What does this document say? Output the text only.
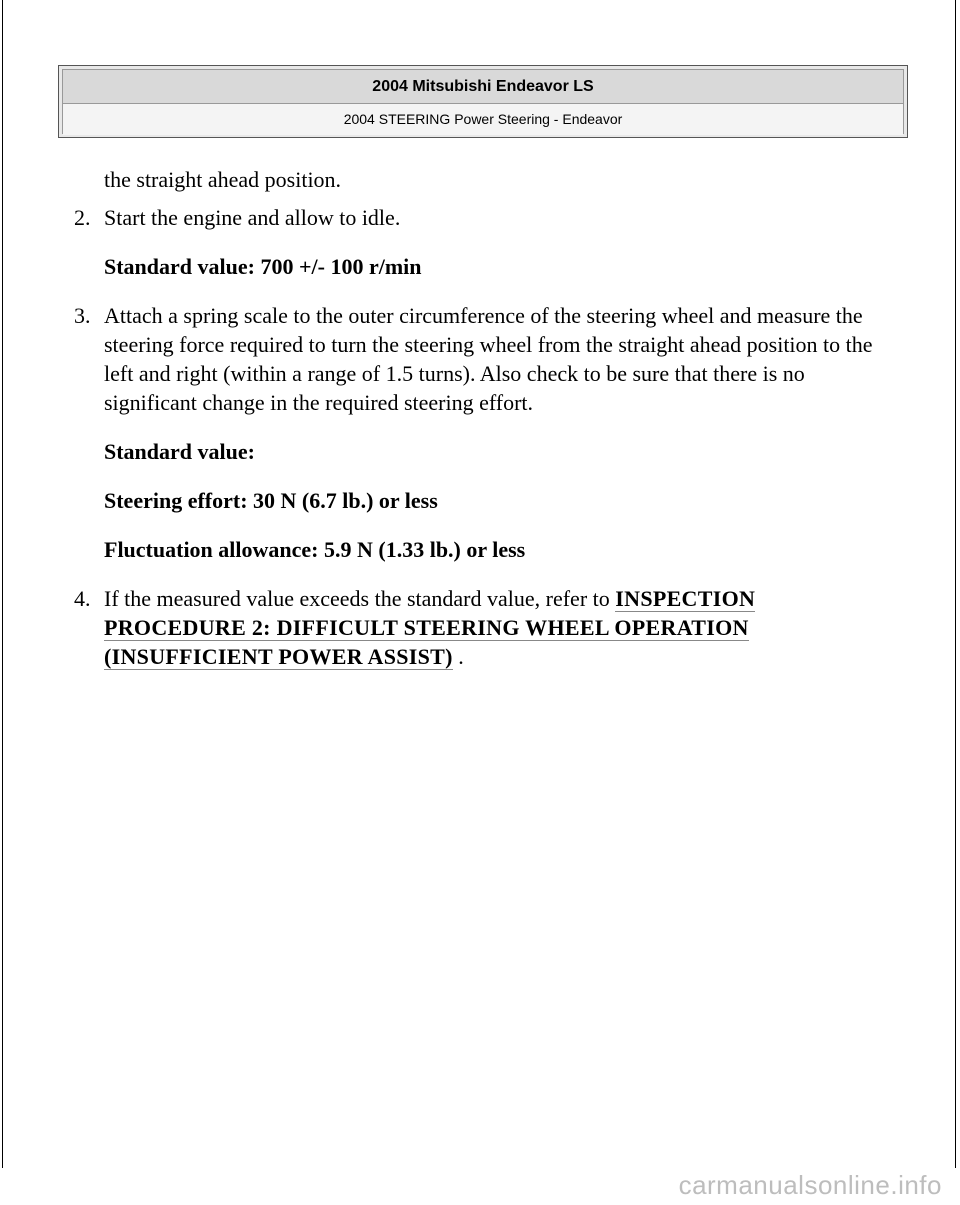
2004 Mitsubishi Endeavor LS
2004 STEERING Power Steering - Endeavor

the straight ahead position.

2. Start the engine and allow to idle.

Standard value: 700 +/- 100 r/min

3. Attach a spring scale to the outer circumference of the steering wheel and measure the steering force required to turn the steering wheel from the straight ahead position to the left and right (within a range of 1.5 turns). Also check to be sure that there is no significant change in the required steering effort.

Standard value:

Steering effort: 30 N (6.7 lb.) or less

Fluctuation allowance: 5.9 N (1.33 lb.) or less

4. If the measured value exceeds the standard value, refer to INSPECTION PROCEDURE 2: DIFFICULT STEERING WHEEL OPERATION (INSUFFICIENT POWER ASSIST) .
carmanualsonline.info
